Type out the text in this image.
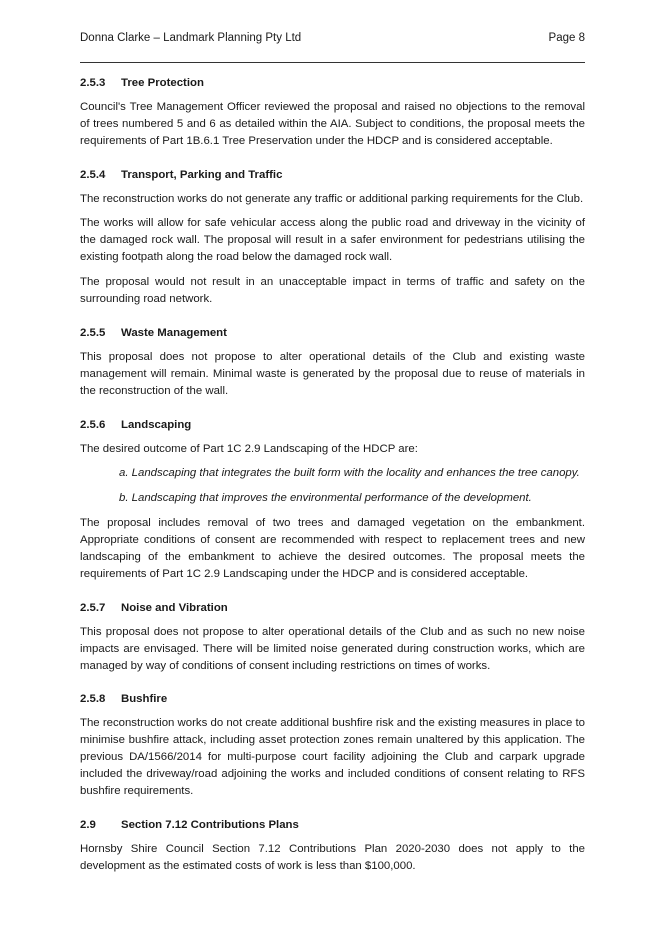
Donna Clarke – Landmark Planning Pty Ltd	Page 8
2.5.3	Tree Protection

Council's Tree Management Officer reviewed the proposal and raised no objections to the removal of trees numbered 5 and 6 as detailed within the AIA. Subject to conditions, the proposal meets the requirements of Part 1B.6.1 Tree Preservation under the HDCP and is considered acceptable.

2.5.4	Transport, Parking and Traffic

The reconstruction works do not generate any traffic or additional parking requirements for the Club.

The works will allow for safe vehicular access along the public road and driveway in the vicinity of the damaged rock wall. The proposal will result in a safer environment for pedestrians utilising the existing footpath along the road below the damaged rock wall.

The proposal would not result in an unacceptable impact in terms of traffic and safety on the surrounding road network.

2.5.5	Waste Management

This proposal does not propose to alter operational details of the Club and existing waste management will remain. Minimal waste is generated by the proposal due to reuse of materials in the reconstruction of the wall.

2.5.6	Landscaping

The desired outcome of Part 1C 2.9 Landscaping of the HDCP are:

a. Landscaping that integrates the built form with the locality and enhances the tree canopy.

b. Landscaping that improves the environmental performance of the development.

The proposal includes removal of two trees and damaged vegetation on the embankment. Appropriate conditions of consent are recommended with respect to replacement trees and new landscaping of the embankment to achieve the desired outcomes. The proposal meets the requirements of Part 1C 2.9 Landscaping under the HDCP and is considered acceptable.

2.5.7	Noise and Vibration

This proposal does not propose to alter operational details of the Club and as such no new noise impacts are envisaged. There will be limited noise generated during construction works, which are managed by way of conditions of consent including restrictions on times of works.

2.5.8	Bushfire

The reconstruction works do not create additional bushfire risk and the existing measures in place to minimise bushfire attack, including asset protection zones remain unaltered by this application. The previous DA/1566/2014 for multi-purpose court facility adjoining the Club and carpark upgrade included the driveway/road adjoining the works and included conditions of consent relating to RFS bushfire requirements.

2.9	Section 7.12 Contributions Plans

Hornsby Shire Council Section 7.12 Contributions Plan 2020-2030 does not apply to the development as the estimated costs of work is less than $100,000.
